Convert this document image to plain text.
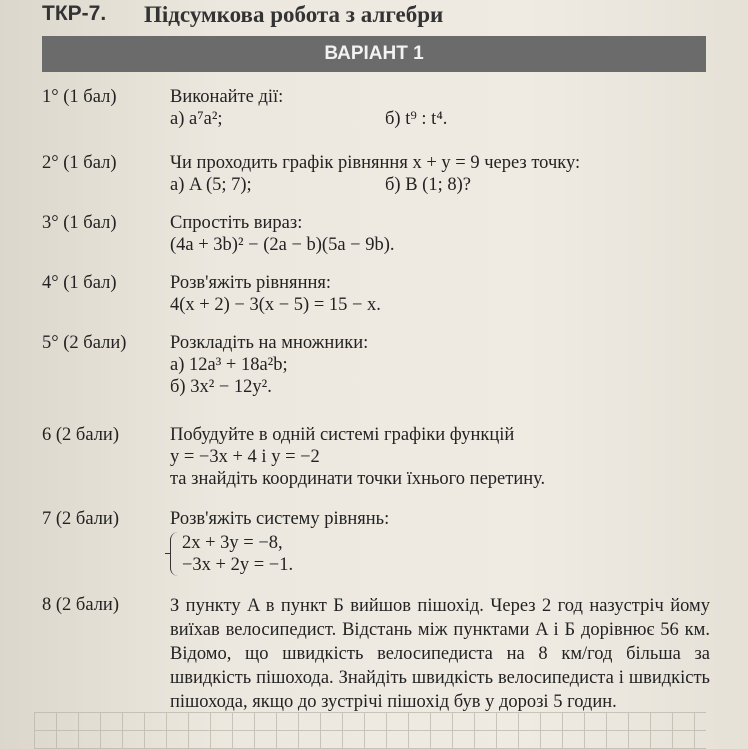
ТКР-7. Підсумкова робота з алгебри
ВАРІАНТ 1
1° (1 бал)	Виконайте дії:
а) a⁷a²;	б) t⁹ : t⁴.
2° (1 бал)	Чи проходить графік рівняння x + y = 9 через точку:
а) A (5; 7);	б) B (1; 8)?
3° (1 бал)	Спростіть вираз:
(4a + 3b)² − (2a − b)(5a − 9b).
4° (1 бал)	Розв'яжіть рівняння:
4(x + 2) − 3(x − 5) = 15 − x.
5° (2 бали) Розкладіть на множники:
а) 12a³ + 18a²b;
б) 3x² − 12y².
6 (2 бали)	Побудуйте в одній системі графіки функцій
y = −3x + 4 і y = −2
та знайдіть координати точки їхнього перетину.
7 (2 бали)	Розв'яжіть систему рівнянь:
2x + 3y = −8,
−3x + 2y = −1.
8 (2 бали)	З пункту A в пункт Б вийшов пішохід. Через 2 год назустріч йому виїхав велосипедист. Відстань між пунктами A і Б дорівнює 56 км. Відомо, що швидкість велосипедиста на 8 км/год більша за швидкість пішохода. Знайдіть швидкість велосипедиста і швидкість пішохода, якщо до зустрічі пішохід був у дорозі 5 годин.
